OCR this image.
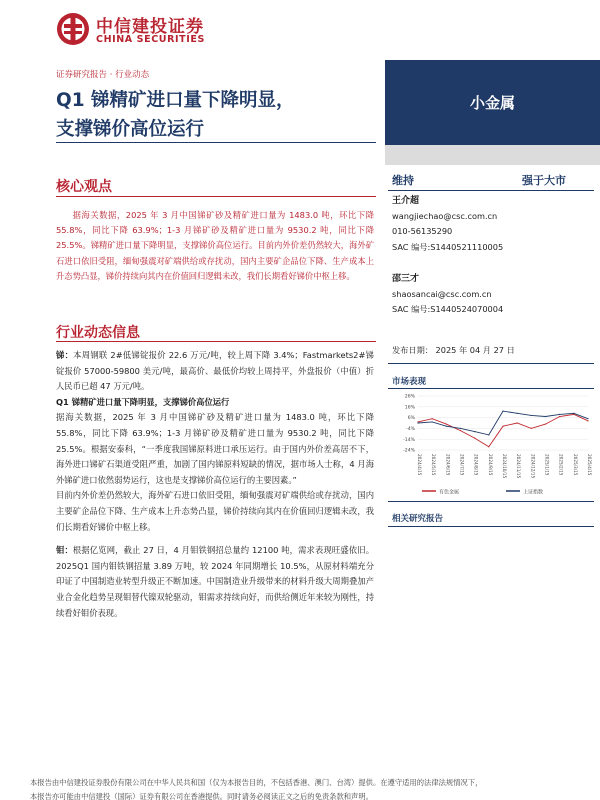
中信建投证券
CHINA SECURITIES
证券研究报告 · 行业动态
Q1 锑精矿进口量下降明显，
支撑锑价高位运行
小金属
核心观点
据海关数据，2025 年 3 月中国锑矿砂及精矿进口量为 1483.0 吨，环比下降 55.8%，同比下降 63.9%；1-3 月锑矿砂及精矿进口量为 9530.2 吨，同比下降 25.5%。锑精矿进口量下降明显，支撑锑价高位运行。目前内外价差仍然较大，海外矿石进口依旧受阻，缅甸强震对矿端供给或存扰动，国内主要矿企品位下降、生产成本上升态势凸显，锑价持续向其内在价值回归逻辑未改，我们长期看好锑价中枢上移。
行业动态信息

锑：本周钢联 2#低锑锭报价 22.6 万元/吨，较上周下降 3.4%；Fastmarkets2#锑锭报价 57000-59800 美元/吨，最高价、最低价均较上周持平，外盘报价（中值）折人民币已超 47 万元/吨。

Q1 锑精矿进口量下降明显，支撑锑价高位运行

据海关数据，2025 年 3 月中国锑矿砂及精矿进口量为 1483.0 吨，环比下降 55.8%，同比下降 63.9%；1-3 月锑矿砂及精矿进口量为 9530.2 吨，同比下降 25.5%。根据安泰科，“一季度我国锑原料进口承压运行。由于国内外价差高居不下，海外进口锑矿石渠道受阻严重，加剧了国内锑原料短缺的情况，据市场人士称，4 月海外锑矿进口依然弱势运行，这也是支撑锑价高位运行的主要因素。”

目前内外价差仍然较大，海外矿石进口依旧受阻，缅甸强震对矿端供给或存扰动，国内主要矿企品位下降、生产成本上升态势凸显，锑价持续向其内在价值回归逻辑未改，我们长期看好锑价中枢上移。

钼：根据亿览网，截止 27 日，4 月钼铁钢招总量约 12100 吨，需求表现旺盛依旧。2025Q1 国内钼铁钢招量 3.89 万吨，较 2024 年同期增长 10.5%，从原材料端充分印证了中国制造业转型升级正不断加速。中国制造业升级带来的材料升级大周期叠加产业合金化趋势呈现钼替代镍双轮驱动，钼需求持续向好，而供给侧近年来较为刚性，持续看好钼价表现。

维持	强于大市
王介超
wangjiechao@csc.com.cn
010-56135290
SAC 编号:S1440521110005
邵三才
shaosancai@csc.com.cn
SAC 编号:S1440524070004
发布日期： 2025 年 04 月 27 日
市场表现
26%
16%
6%
-4%
-14%
-24%
2024/4/15 2024/5/15 2024/6/15 2024/7/15 2024/8/15 2024/9/15 2024/10/15 2024/11/15 2024/12/15 2025/1/15 2025/2/15 2025/3/15 2025/4/15
有色金属	上证指数
相关研究报告
本报告由中信建投证券股份有限公司在中华人民共和国（仅为本报告目的，不包括香港、澳门、台湾）提供。在遵守适用的法律法规情况下，
本报告亦可能由中信建投（国际）证券有限公司在香港提供。同时请务必阅读正文之后的免责条款和声明。
